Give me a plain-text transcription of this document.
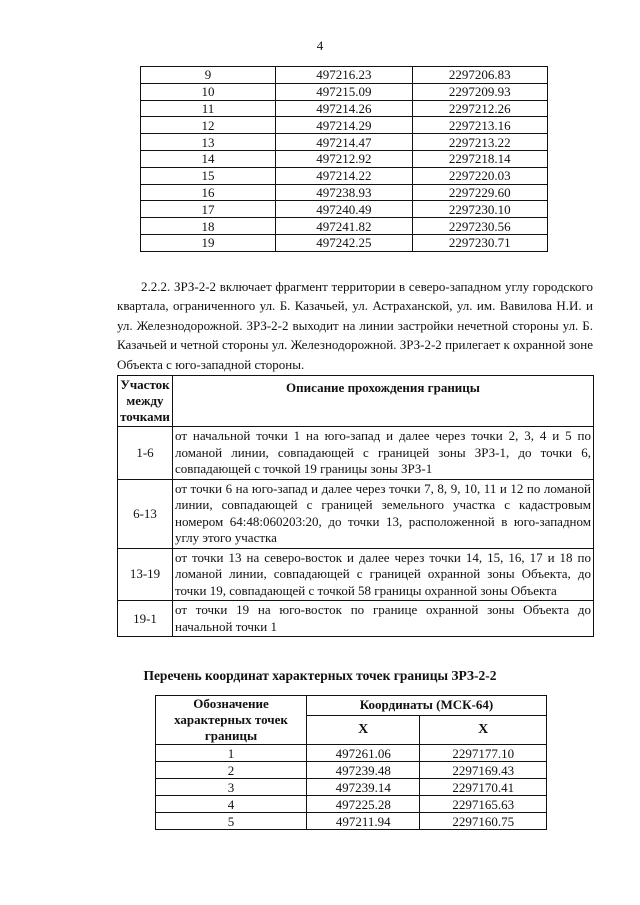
4
9	497216.23	2297206.83
10	497215.09	2297209.93
11	497214.26	2297212.26
12	497214.29	2297213.16
13	497214.47	2297213.22
14	497212.92	2297218.14
15	497214.22	2297220.03
16	497238.93	2297229.60
17	497240.49	2297230.10
18	497241.82	2297230.56
19	497242.25	2297230.71

2.2.2. ЗРЗ-2-2 включает фрагмент территории в северо-западном углу городского квартала, ограниченного ул. Б. Казачьей, ул. Астраханской, ул. им. Вавилова Н.И. и ул. Железнодорожной. ЗРЗ-2-2 выходит на линии застройки нечетной стороны ул. Б. Казачьей и четной стороны ул. Железнодорожной. ЗРЗ-2-2 прилегает к охранной зоне Объекта с юго-западной стороны.

Участок между точками	Описание прохождения границы
1-6	от начальной точки 1 на юго-запад и далее через точки 2, 3, 4 и 5 по ломаной линии, совпадающей с границей зоны ЗРЗ-1, до точки 6, совпадающей с точкой 19 границы зоны ЗРЗ-1
6-13	от точки 6 на юго-запад и далее через точки 7, 8, 9, 10, 11 и 12 по ломаной линии, совпадающей с границей земельного участка с кадастровым номером 64:48:060203:20, до точки 13, расположенной в юго-западном углу этого участка
13-19	от точки 13 на северо-восток и далее через точки 14, 15, 16, 17 и 18 по ломаной линии, совпадающей с границей охранной зоны Объекта, до точки 19, совпадающей с точкой 58 границы охранной зоны Объекта
19-1	от точки 19 на юго-восток по границе охранной зоны Объекта до начальной точки 1

Перечень координат характерных точек границы ЗРЗ-2-2

Обозначение характерных точек границы	Координаты (МСК-64)	
	X	X
1	497261.06	2297177.10
2	497239.48	2297169.43
3	497239.14	2297170.41
4	497225.28	2297165.63
5	497211.94	2297160.75
